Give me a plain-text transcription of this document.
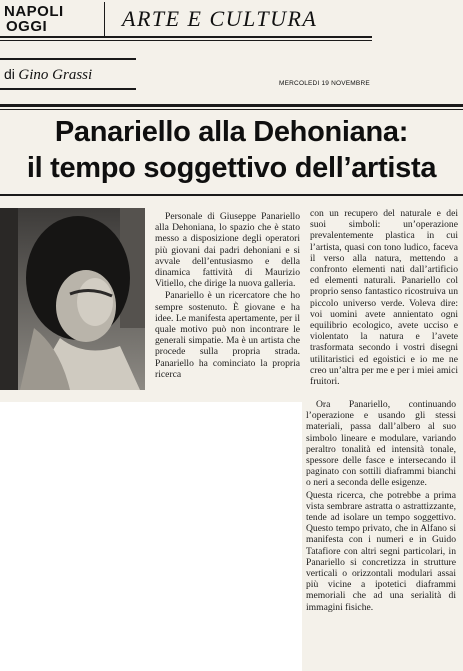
NAPOLI
OGGI	ARTE E CULTURA
di Gino Grassi
MERCOLEDI 19 NOVEMBRE
Panariello alla Dehoniana:
il tempo soggettivo dell’artista

Personale di Giuseppe Panariello alla Dehoniana, lo spazio che è stato messo a disposizione degli operatori più giovani dai padri dehoniani e si avvale dell’entusiasmo e della dinamica fattività di Maurizio Vitiello, che dirige la nuova galleria.

Panariello è un ricercatore che ho sempre sostenuto. È giovane e ha idee. Le manifesta apertamente, per il quale motivo può non incontrare le generali simpatie. Ma è un artista che procede sulla propria strada. Panariello ha cominciato la propria ricerca

con un recupero del naturale e dei suoi simboli: un’operazione prevalentemente plastica in cui l’artista, quasi con tono ludico, faceva il verso alla natura, mettendo a confronto elementi nati dall’artificio ed elementi naturali. Panariello col proprio senso fantastico ricostruiva un piccolo universo verde. Voleva dire: voi uomini avete annientato ogni equilibrio ecologico, avete ucciso e violentato la natura e l’avete trasformata secondo i vostri disegni utilitaristici ed egoistici e io me ne creo un’altra per me e per i miei amici fruitori.

Ora Panariello, continuando l’operazione e usando gli stessi materiali, passa dall’albero al suo simbolo lineare e modulare, variando peraltro tonalità ed intensità tonale, spessore delle fasce e intersecando il paginato con sottili diaframmi bianchi o neri a seconda delle esigenze.

Questa ricerca, che potrebbe a prima vista sembrare astratta o astrattizzante, tende ad isolare un tempo soggettivo. Questo tempo privato, che in Alfano si manifesta con i numeri e in Guido Tatafiore con altri segni particolari, in Panariello si concretizza in strutture verticali o orizzontali modulari assai più vicine a ipotetici diaframmi memoriali che ad una serialità di immagini fisiche.
